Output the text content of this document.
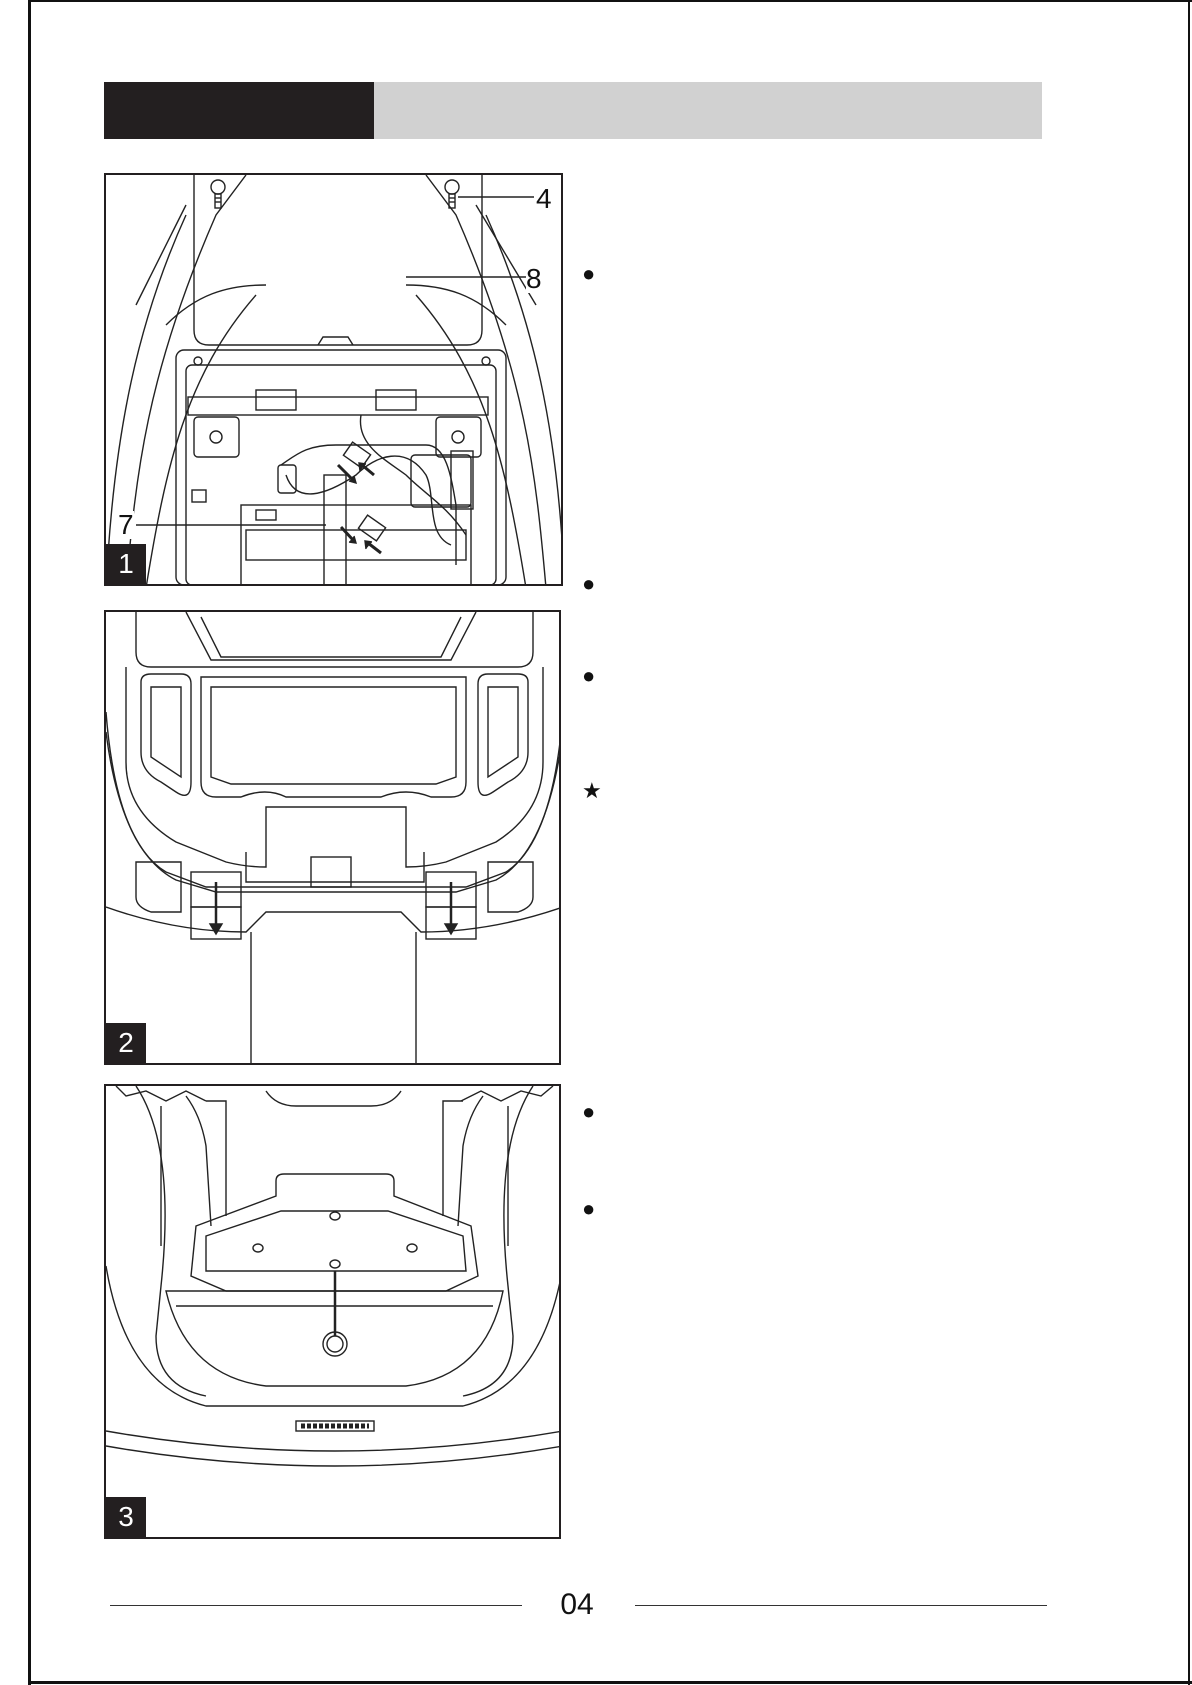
4
8
7
1
2
3
●
●
●
★
●
●
04
